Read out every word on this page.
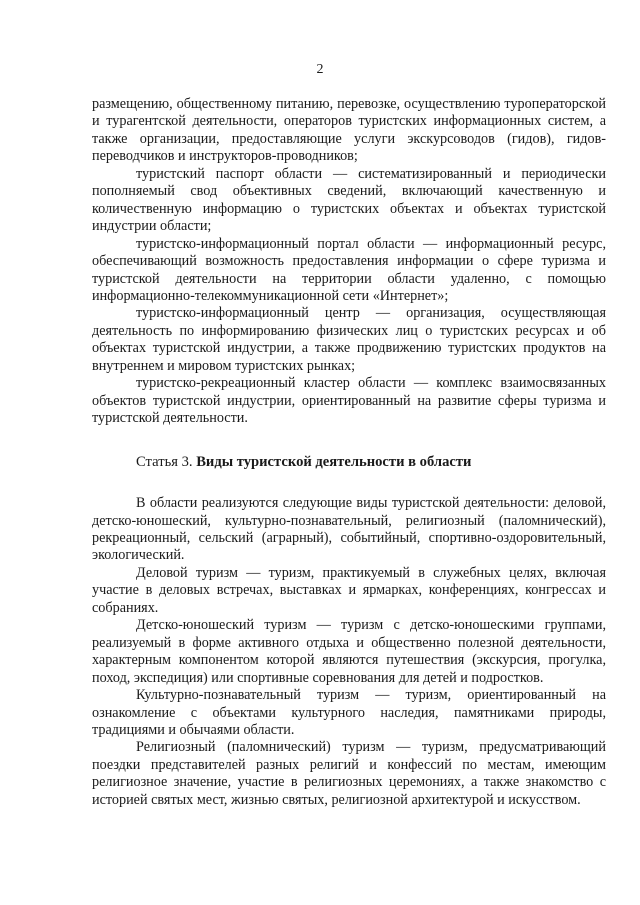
2

размещению, общественному питанию, перевозке, осуществлению туроператорской и турагентской деятельности, операторов туристских информационных систем, а также организации, предоставляющие услуги экскурсоводов (гидов), гидов-переводчиков и инструкторов-проводников;

туристский паспорт области — систематизированный и периодически пополняемый свод объективных сведений, включающий качественную и количественную информацию о туристских объектах и объектах туристской индустрии области;

туристско-информационный портал области — информационный ресурс, обеспечивающий возможность предоставления информации о сфере туризма и туристской деятельности на территории области удаленно, с помощью информационно-телекоммуникационной сети «Интернет»;

туристско-информационный центр — организация, осуществляющая деятельность по информированию физических лиц о туристских ресурсах и об объектах туристской индустрии, а также продвижению туристских продуктов на внутреннем и мировом туристских рынках;

туристско-рекреационный кластер области — комплекс взаимосвязанных объектов туристской индустрии, ориентированный на развитие сферы туризма и туристской деятельности.

Статья 3. Виды туристской деятельности в области

В области реализуются следующие виды туристской деятельности: деловой, детско-юношеский, культурно-познавательный, религиозный (паломнический), рекреационный, сельский (аграрный), событийный, спортивно-оздоровительный, экологический.

Деловой туризм — туризм, практикуемый в служебных целях, включая участие в деловых встречах, выставках и ярмарках, конференциях, конгрессах и собраниях.

Детско-юношеский туризм — туризм с детско-юношескими группами, реализуемый в форме активного отдыха и общественно полезной деятельности, характерным компонентом которой являются путешествия (экскурсия, прогулка, поход, экспедиция) или спортивные соревнования для детей и подростков.

Культурно-познавательный туризм — туризм, ориентированный на ознакомление с объектами культурного наследия, памятниками природы, традициями и обычаями области.

Религиозный (паломнический) туризм — туризм, предусматривающий поездки представителей разных религий и конфессий по местам, имеющим религиозное значение, участие в религиозных церемониях, а также знакомство с историей святых мест, жизнью святых, религиозной архитектурой и искусством.
